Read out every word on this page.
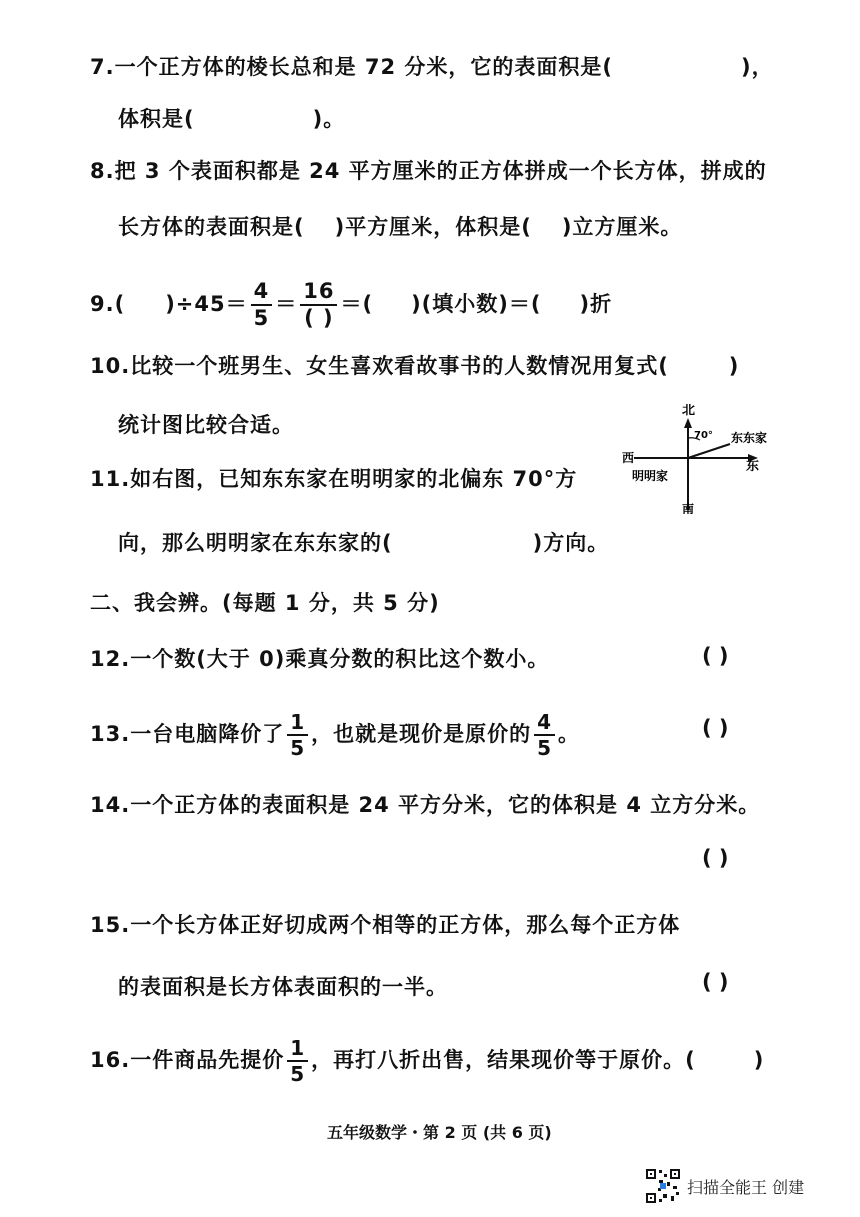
7.一个正方体的棱长总和是 72 分米，它的表面积是(	)，
体积是(	)。
8.把 3 个表面积都是 24 平方厘米的正方体拼成一个长方体，拼成的
长方体的表面积是( )平方厘米，体积是( )立方厘米。
9.( )$\div 45= \frac{4}{5} = \frac{16}{( )}$ ＝( )(填小数)＝( )折
10.比较一个班男生、女生喜欢看故事书的人数情况用复式(	)
统计图比较合适。
北
70° 东东家
东
西
明明家
南
11.如右图，已知东东家在明明家的北偏东 70°方
向，那么明明家在东东家的(	)方向。
二、我会辨。(每题 1 分，共 5 分)
12.一个数(大于 0)乘真分数的积比这个数小。	( )
13.一台电脑降价了 $\frac{1}{5}$ ，也就是现价是原价的 $\frac{4}{5}$ 。	( )
14.一个正方体的表面积是 24 平方分米，它的体积是 4 立方分米。
( )
15.一个长方体正好切成两个相等的正方体，那么每个正方体
的表面积是长方体表面积的一半。	( )
16.一件商品先提价 $\frac{1}{5}$ ，再打八折出售，结果现价等于原价。(	)
五年级数学・第 2 页 (共 6 页)
扫描全能王 创建
